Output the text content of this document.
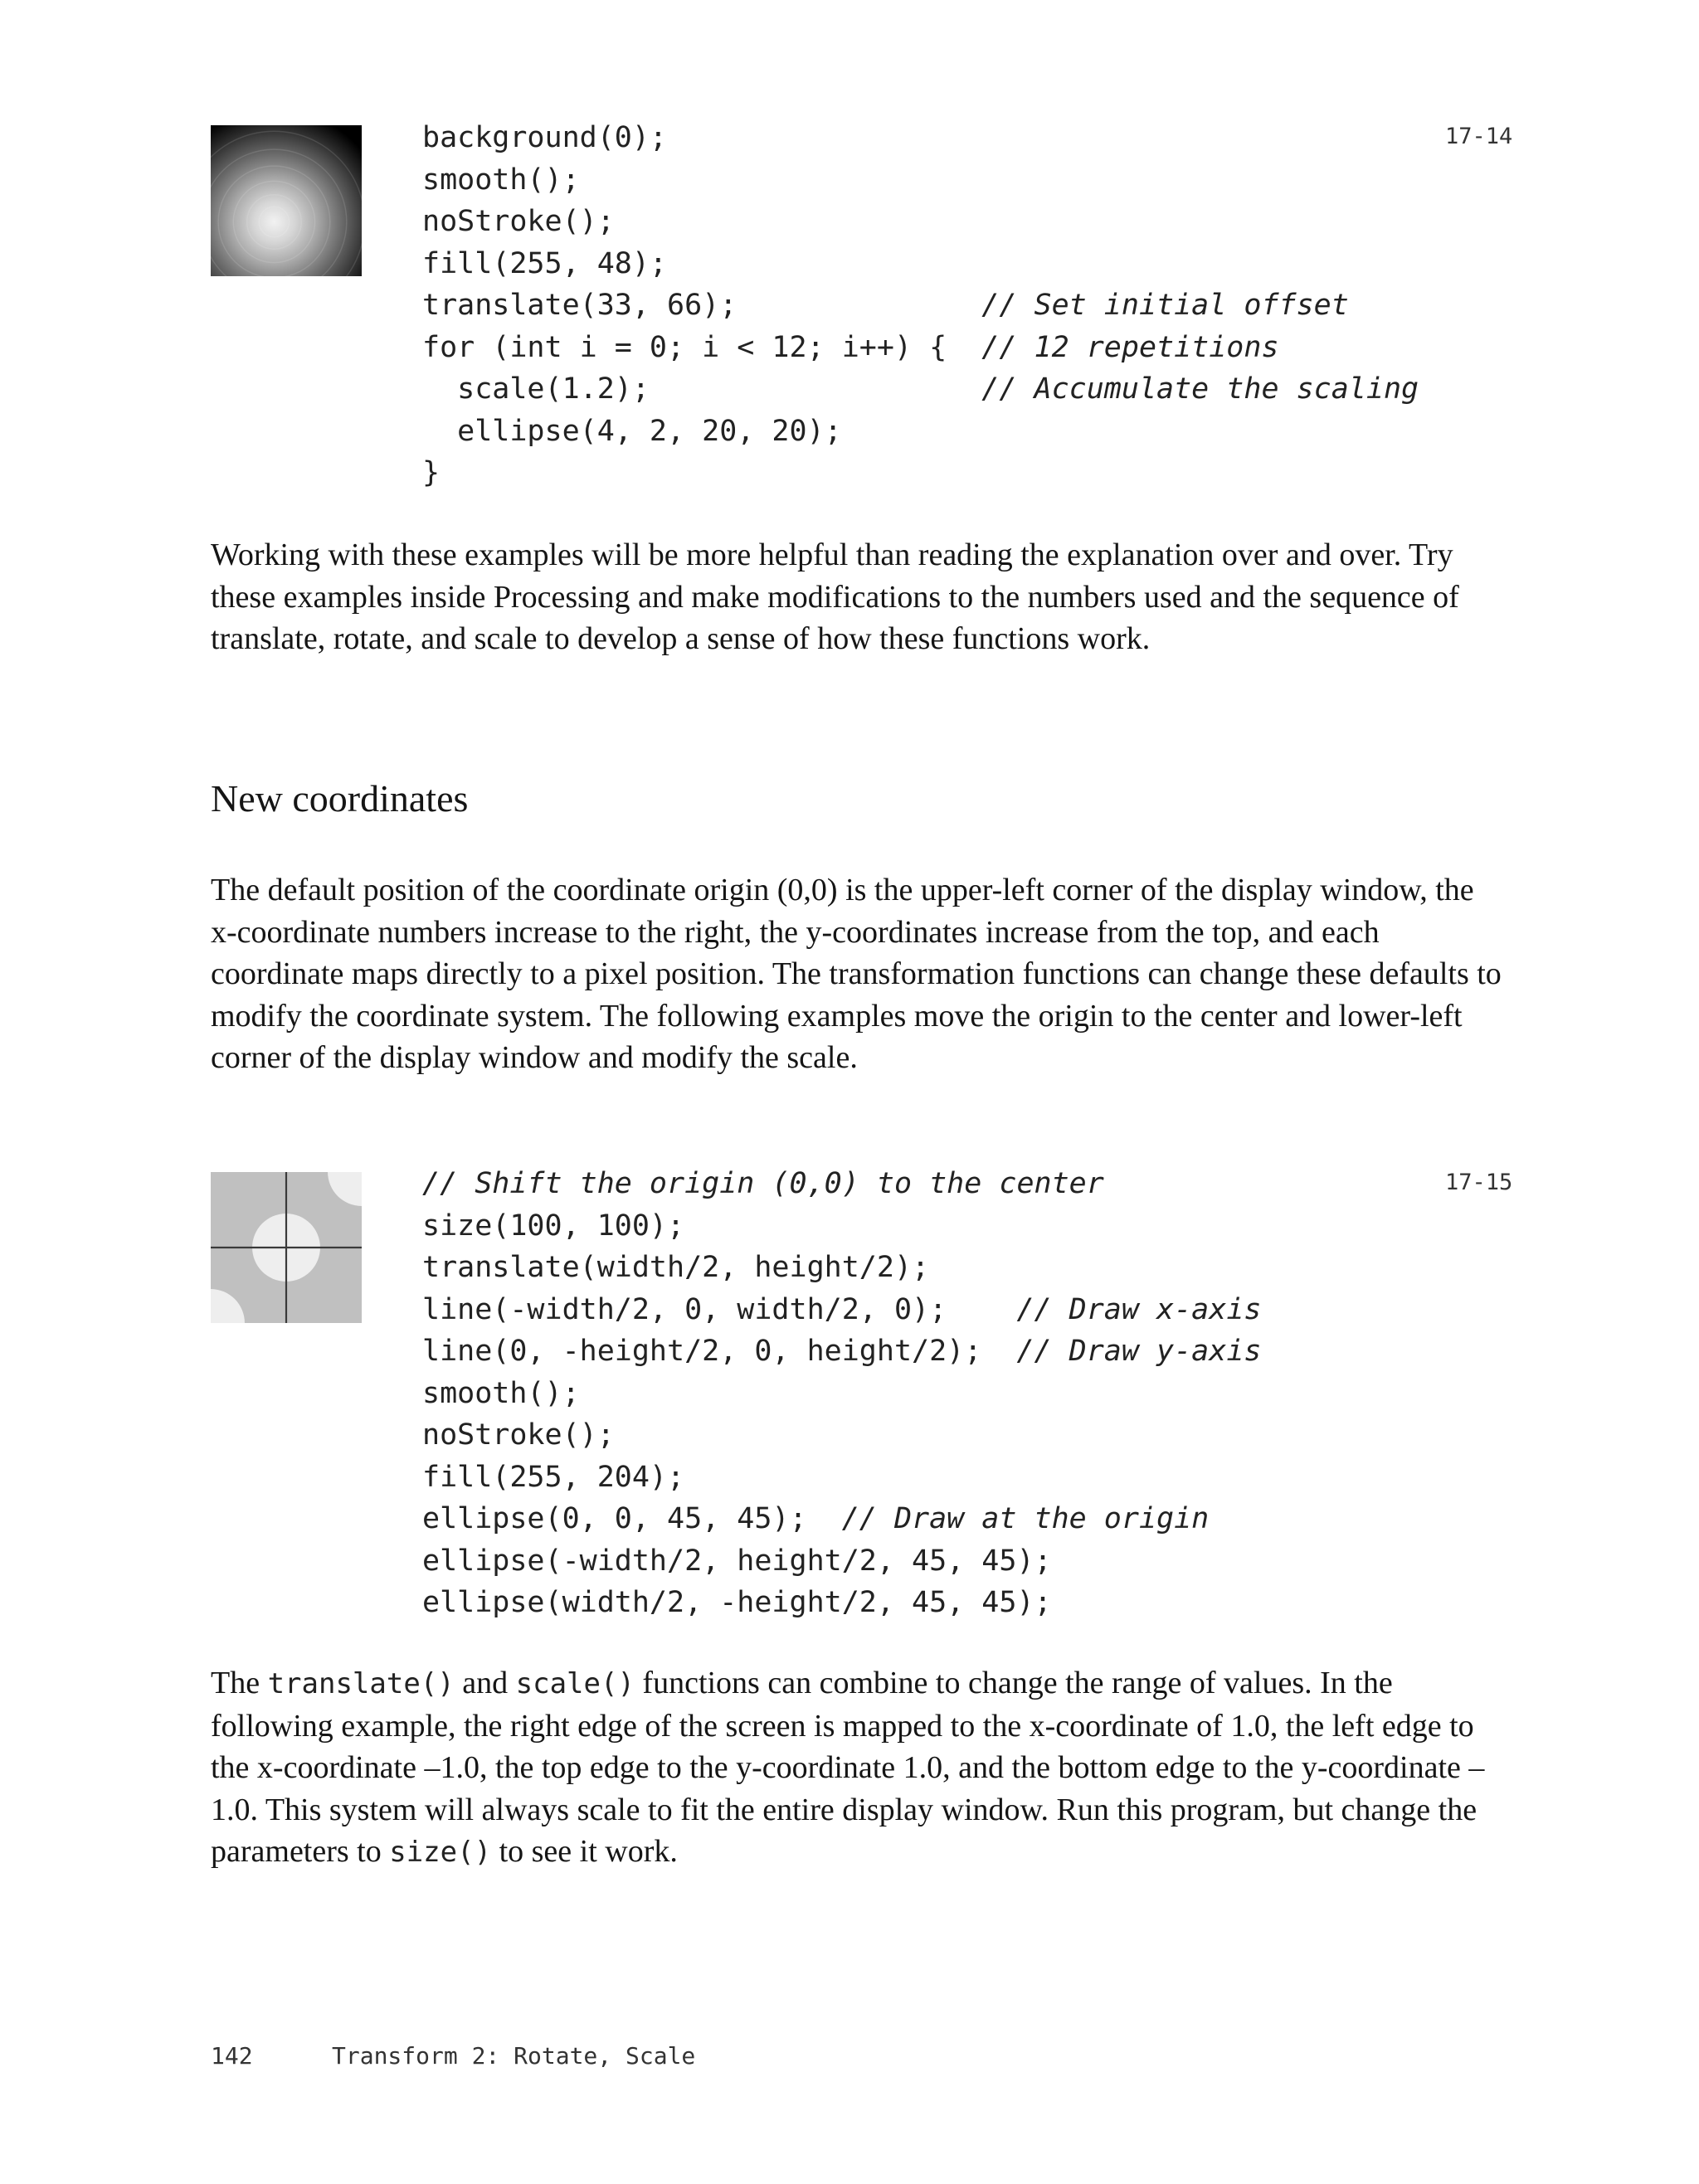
background(0);
smooth();
noStroke();
fill(255, 48);
translate(33, 66);              // Set initial offset
for (int i = 0; i < 12; i++) {  // 12 repetitions
scale(1.2);                   // Accumulate the scaling
ellipse(4, 2, 20, 20);
}
17-14

Working with these examples will be more helpful than reading the explanation over and over. Try these examples inside Processing and make modifications to the numbers used and the sequence of translate, rotate, and scale to develop a sense of how these functions work.

New coordinates

The default position of the coordinate origin (0,0) is the upper-left corner of the display window, the x-coordinate numbers increase to the right, the y-coordinates increase from the top, and each coordinate maps directly to a pixel position. The transformation functions can change these defaults to modify the coordinate system. The following examples move the origin to the center and lower-left corner of the display window and modify the scale.

// Shift the origin (0,0) to the center
size(100, 100);
translate(width/2, height/2);
line(-width/2, 0, width/2, 0);    // Draw x-axis
line(0, -height/2, 0, height/2);  // Draw y-axis
smooth();
noStroke();
fill(255, 204);
ellipse(0, 0, 45, 45);  // Draw at the origin
ellipse(-width/2, height/2, 45, 45);
ellipse(width/2, -height/2, 45, 45);
17-15

The translate() and scale() functions can combine to change the range of values. In the following example, the right edge of the screen is mapped to the x-coordinate of 1.0, the left edge to the x-coordinate –1.0, the top edge to the y-coordinate 1.0, and the bottom edge to the y-coordinate –1.0. This system will always scale to fit the entire display window. Run this program, but change the parameters to size() to see it work.

142	Transform 2: Rotate, Scale
